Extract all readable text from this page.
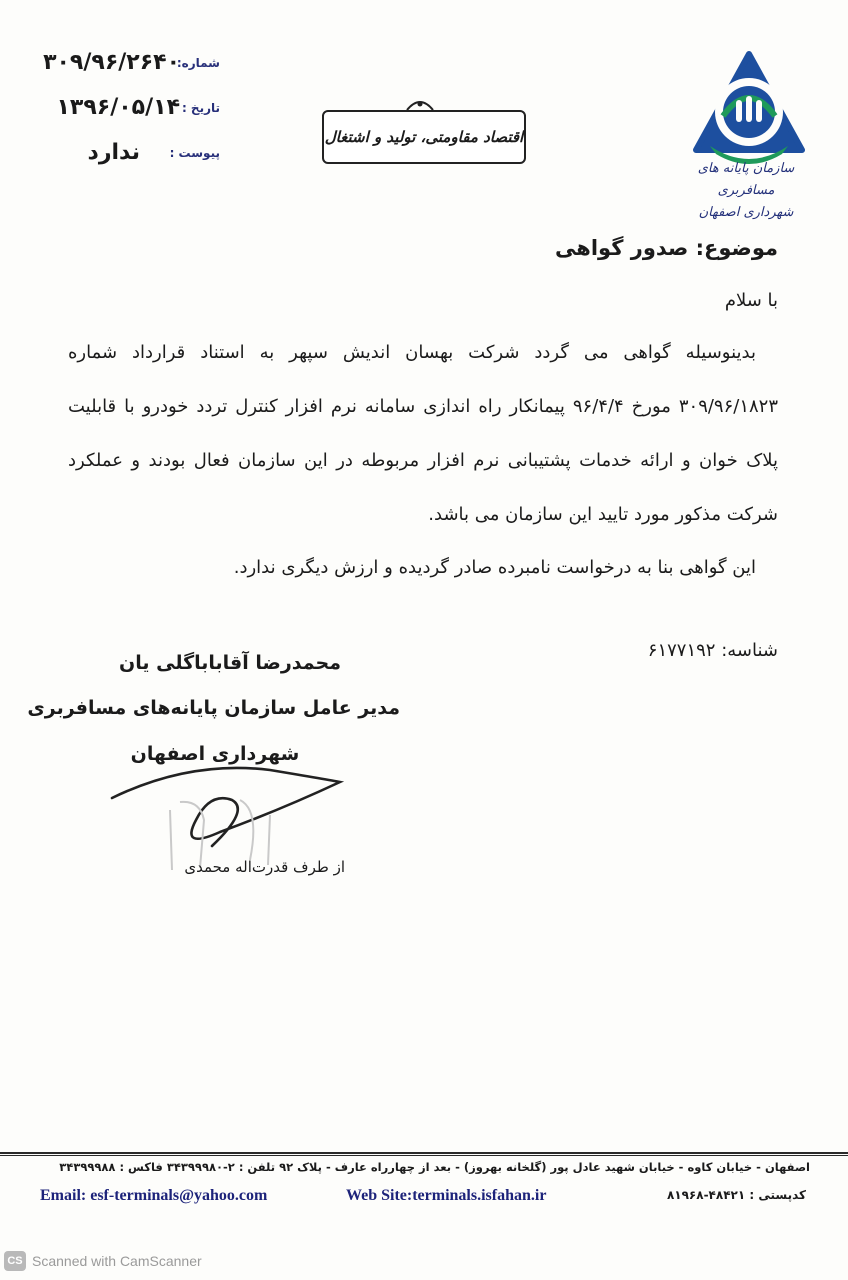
شماره:
۳۰۹/۹۶/۲۶۴۰
تاریخ :
۱۳۹۶/۰۵/۱۴
پیوست :
ندارد
اقتصاد مقاومتی، تولید و اشتغال
سازمان پایانه های مسافربری
شهرداری اصفهان
موضوع: صدور گواهی
با سلام
بدینوسیله گواهی می گردد شرکت بهسان اندیش سپهر به استناد قرارداد شماره ۳۰۹/۹۶/۱۸۲۳ مورخ ۹۶/۴/۴ پیمانکار راه اندازی سامانه نرم افزار کنترل تردد خودرو با قابلیت پلاک خوان و ارائه خدمات پشتیبانی نرم افزار مربوطه در این سازمان فعال بودند و عملکرد شرکت مذکور مورد تایید این سازمان می باشد.
این گواهی بنا به درخواست نامبرده صادر گردیده و ارزش دیگری ندارد.
شناسه: ۶۱۷۷۱۹۲
محمدرضا آقاباباگلی یان
مدیر عامل سازمان پایانه‌های مسافربری
شهرداری اصفهان
از طرف قدرت‌اله محمدی
اصفهان - خیابان کاوه - خیابان شهید عادل پور (گلخانه بهروز) - بعد از چهارراه عارف - پلاک ۹۲ تلفن : ۲-۳۴۳۹۹۹۸۰ فاکس : ۳۴۳۹۹۹۸۸
Email: esf-terminals@yahoo.com	Web Site:terminals.isfahan.ir	کدپستی : ۴۸۴۲۱-۸۱۹۶۸
CS Scanned with CamScanner
